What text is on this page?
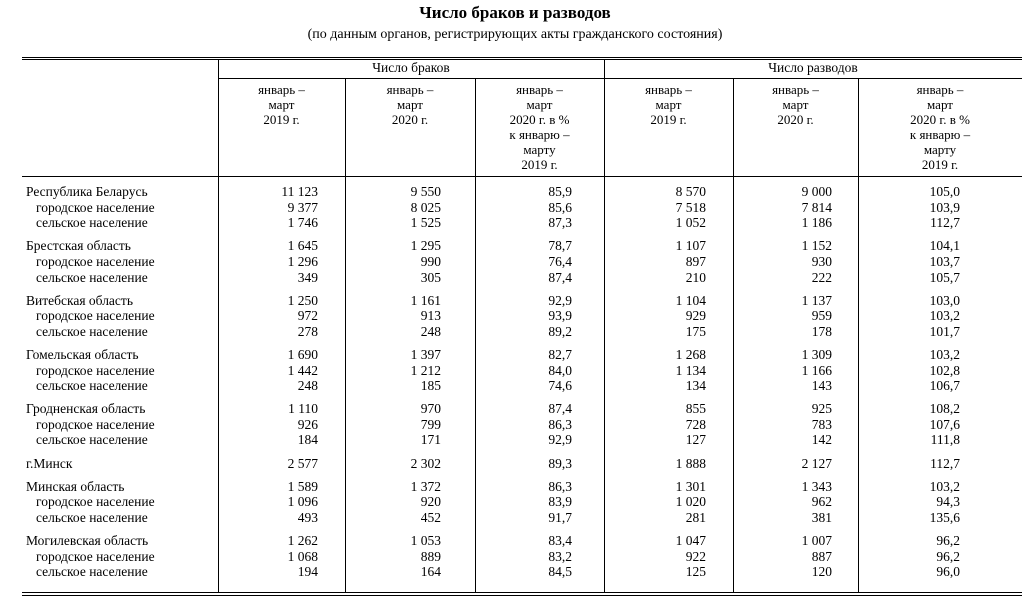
Число браков и разводов
(по данным органов, регистрирующих акты гражданского состояния)
Число браков	Число разводов
январь –
март
2019 г.
январь –
март
2020 г.
январь –
март
2020 г. в %
к январю –
марту
2019 г.
январь –
март
2019 г.
январь –
март
2020 г.
январь –
март
2020 г. в %
к январю –
марту
2019 г.
Республика Беларусь	11 123	9 550	85,9	8 570	9 000	105,0
городское население	9 377	8 025	85,6	7 518	7 814	103,9
сельское население	1 746	1 525	87,3	1 052	1 186	112,7
Брестская область	1 645	1 295	78,7	1 107	1 152	104,1
городское население	1 296	990	76,4	897	930	103,7
сельское население	349	305	87,4	210	222	105,7
Витебская область	1 250	1 161	92,9	1 104	1 137	103,0
городское население	972	913	93,9	929	959	103,2
сельское население	278	248	89,2	175	178	101,7
Гомельская область	1 690	1 397	82,7	1 268	1 309	103,2
городское население	1 442	1 212	84,0	1 134	1 166	102,8
сельское население	248	185	74,6	134	143	106,7
Гродненская область	1 110	970	87,4	855	925	108,2
городское население	926	799	86,3	728	783	107,6
сельское население	184	171	92,9	127	142	111,8
г.Минск	2 577	2 302	89,3	1 888	2 127	112,7
Минская область	1 589	1 372	86,3	1 301	1 343	103,2
городское население	1 096	920	83,9	1 020	962	94,3
сельское население	493	452	91,7	281	381	135,6
Могилевская область	1 262	1 053	83,4	1 047	1 007	96,2
городское население	1 068	889	83,2	922	887	96,2
сельское население	194	164	84,5	125	120	96,0
